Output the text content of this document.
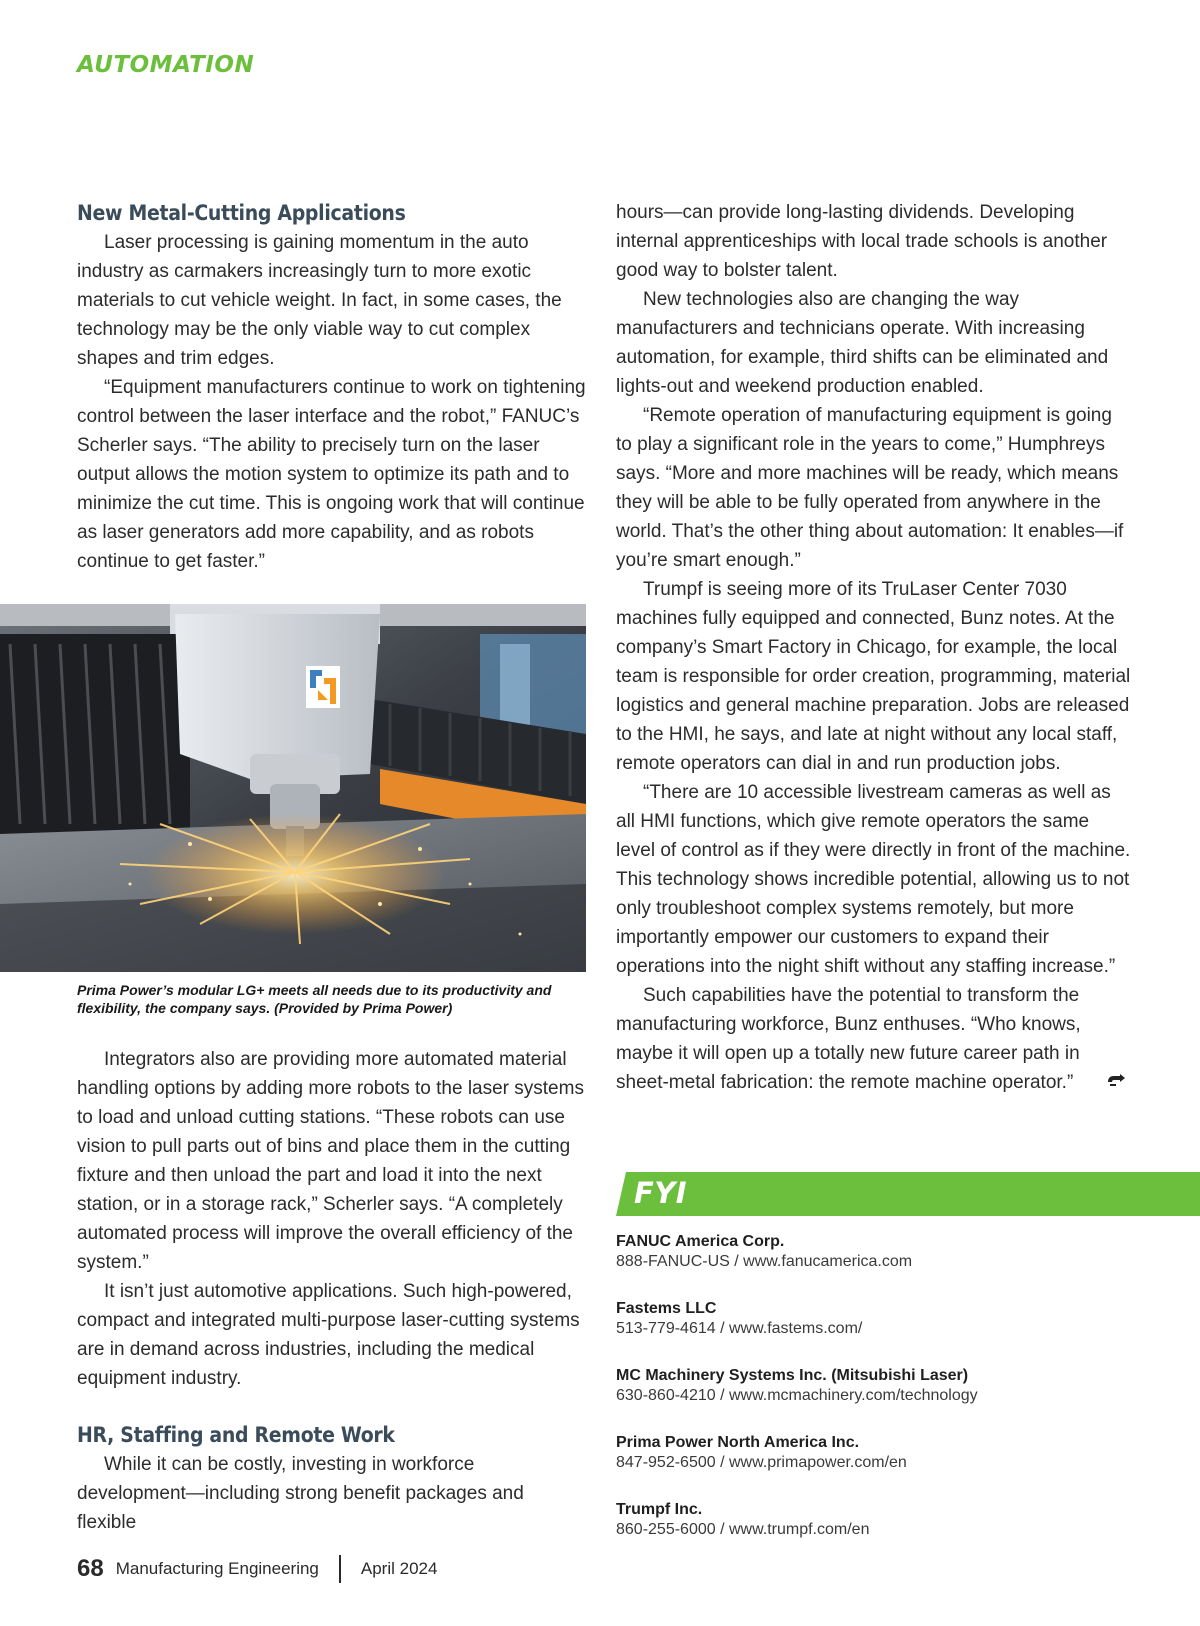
AUTOMATION
New Metal-Cutting Applications

Laser processing is gaining momentum in the auto industry as carmakers increasingly turn to more exotic materials to cut vehicle weight. In fact, in some cases, the technology may be the only viable way to cut complex shapes and trim edges.

“Equipment manufacturers continue to work on tightening control between the laser interface and the robot,” FANUC’s Scherler says. “The ability to precisely turn on the laser output allows the motion system to optimize its path and to minimize the cut time. This is ongoing work that will continue as laser generators add more capability, and as robots continue to get faster.”

Prima Power’s modular LG+ meets all needs due to its productivity and flexibility, the company says. (Provided by Prima Power)

Integrators also are providing more automated material handling options by adding more robots to the laser systems to load and unload cutting stations. “These robots can use vision to pull parts out of bins and place them in the cutting fixture and then unload the part and load it into the next station, or in a storage rack,” Scherler says. “A completely automated process will improve the overall efficiency of the system.”

It isn’t just automotive applications. Such high-powered, compact and integrated multi-purpose laser-cutting systems are in demand across industries, including the medical equipment industry.

HR, Staffing and Remote Work

While it can be costly, investing in workforce development—including strong benefit packages and flexible

hours—can provide long-lasting dividends. Developing internal apprenticeships with local trade schools is another good way to bolster talent.

New technologies also are changing the way manufacturers and technicians operate. With increasing automation, for example, third shifts can be eliminated and lights-out and weekend production enabled.

“Remote operation of manufacturing equipment is going to play a significant role in the years to come,” Humphreys says. “More and more machines will be ready, which means they will be able to be fully operated from anywhere in the world. That’s the other thing about automation: It enables—if you’re smart enough.”

Trumpf is seeing more of its TruLaser Center 7030 machines fully equipped and connected, Bunz notes. At the company’s Smart Factory in Chicago, for example, the local team is responsible for order creation, programming, material logistics and general machine preparation. Jobs are released to the HMI, he says, and late at night without any local staff, remote operators can dial in and run production jobs.

“There are 10 accessible livestream cameras as well as all HMI functions, which give remote operators the same level of control as if they were directly in front of the machine. This technology shows incredible potential, allowing us to not only troubleshoot complex systems remotely, but more importantly empower our customers to expand their operations into the night shift without any staffing increase.”

Such capabilities have the potential to transform the manufacturing workforce, Bunz enthuses. “Who knows, maybe it will open up a totally new future career path in sheet-metal fabrication: the remote machine operator.”

FYI
FANUC America Corp.
888-FANUC-US / www.fanucamerica.com
Fastems LLC
513-779-4614 / www.fastems.com/
MC Machinery Systems Inc. (Mitsubishi Laser)
630-860-4210 / www.mcmachinery.com/technology
Prima Power North America Inc.
847-952-6500 / www.primapower.com/en
Trumpf Inc.
860-255-6000 / www.trumpf.com/en
68 Manufacturing Engineering April 2024
